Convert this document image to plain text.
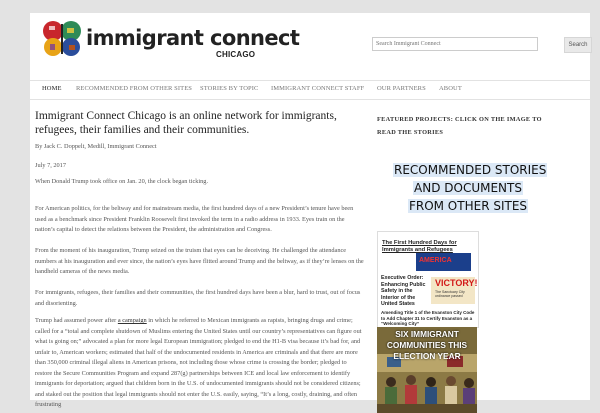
immigrant connect
CHICAGO
Search Immigrant Connect
Search
HOME RECOMMENDED FROM OTHER SITES STORIES BY TOPIC IMMIGRANT CONNECT STAFF OUR PARTNERS ABOUT
Immigrant Connect Chicago is an online network for immigrants, refugees, their families and their communities.
By Jack C. Doppelt, Medill, Immigrant Connect
July 7, 2017

When Donald Trump took office on Jan. 20, the clock began ticking.

For American politics, for the beltway and for mainstream media, the first hundred days of a new President’s tenure have been used as a benchmark since President Franklin Roosevelt first invoked the term in a radio address in 1933. Eyes train on the nation’s capital to detect the relations between the President, the administration and Congress.

From the moment of his inauguration, Trump seized on the truism that eyes can be deceiving. He challenged the attendance numbers at his inauguration and ever since, the nation’s eyes have flitted around Trump and the beltway, as if they’re lenses on the handheld cameras of the news media.

For immigrants, refugees, their families and their communities, the first hundred days have been a blur, hard to trust, out of focus and disorienting.

Trump had assumed power after a campaign in which he referred to Mexican immigrants as rapists, bringing drugs and crime; called for a “total and complete shutdown of Muslims entering the United States until our country’s representatives can figure out what is going on;” advocated a plan for more legal European immigration; pledged to end the H1-B visa because it’s bad for, and unfair to, American workers; estimated that half of the undocumented residents in America are criminals and that there are more than 350,000 criminal illegal aliens in American prisons, not including those whose crime is crossing the border; pledged to restore the Secure Communities Program and expand 287(g) partnerships between ICE and local law enforcement to identify immigrants for deportation; argued that children born in the U.S. of undocumented immigrants should not be considered citizens; and staked out the position that legal immigrants should not enter the U.S. easily, saying, “It’s a long, costly, draining, and often frustrating

FEATURED PROJECTS: CLICK ON THE IMAGE TO READ THE STORIES
RECOMMENDED STORIES
AND DOCUMENTS
FROM OTHER SITES
The First Hundred Days for Immigrants and Refugees
AMERICA
Executive Order: Enhancing Public Safety in the Interior of the United States
VICTORY!
The Sanctuary City ordinance passed
Amending Title 1 of the Evanston City Code to Add Chapter 31 to Certify Evanston as a “Welcoming City”
SIX IMMIGRANT COMMUNITIES THIS ELECTION YEAR
